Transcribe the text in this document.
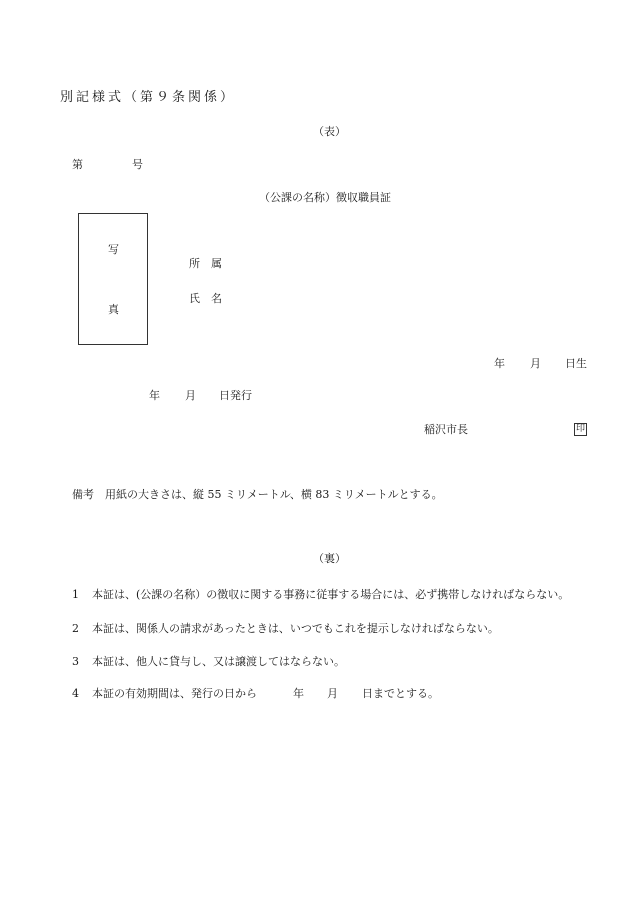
別記様式（第９条関係）
（表）
第	号
（公課の名称）徴収職員証
写
真
所　属
氏　名
年 月 日生
年 月 日発行
稲沢市長	印
備考　用紙の大きさは、縦 55 ミリメートル、横 83 ミリメートルとする。
（裏）
1 本証は、(公課の名称）の徴収に関する事務に従事する場合には、必ず携帯しなければならない。
2 本証は、関係人の請求があったときは、いつでもこれを提示しなければならない。
3 本証は、他人に貸与し、又は譲渡してはならない。
4 本証の有効期間は、発行の日から	年 月 日までとする。
